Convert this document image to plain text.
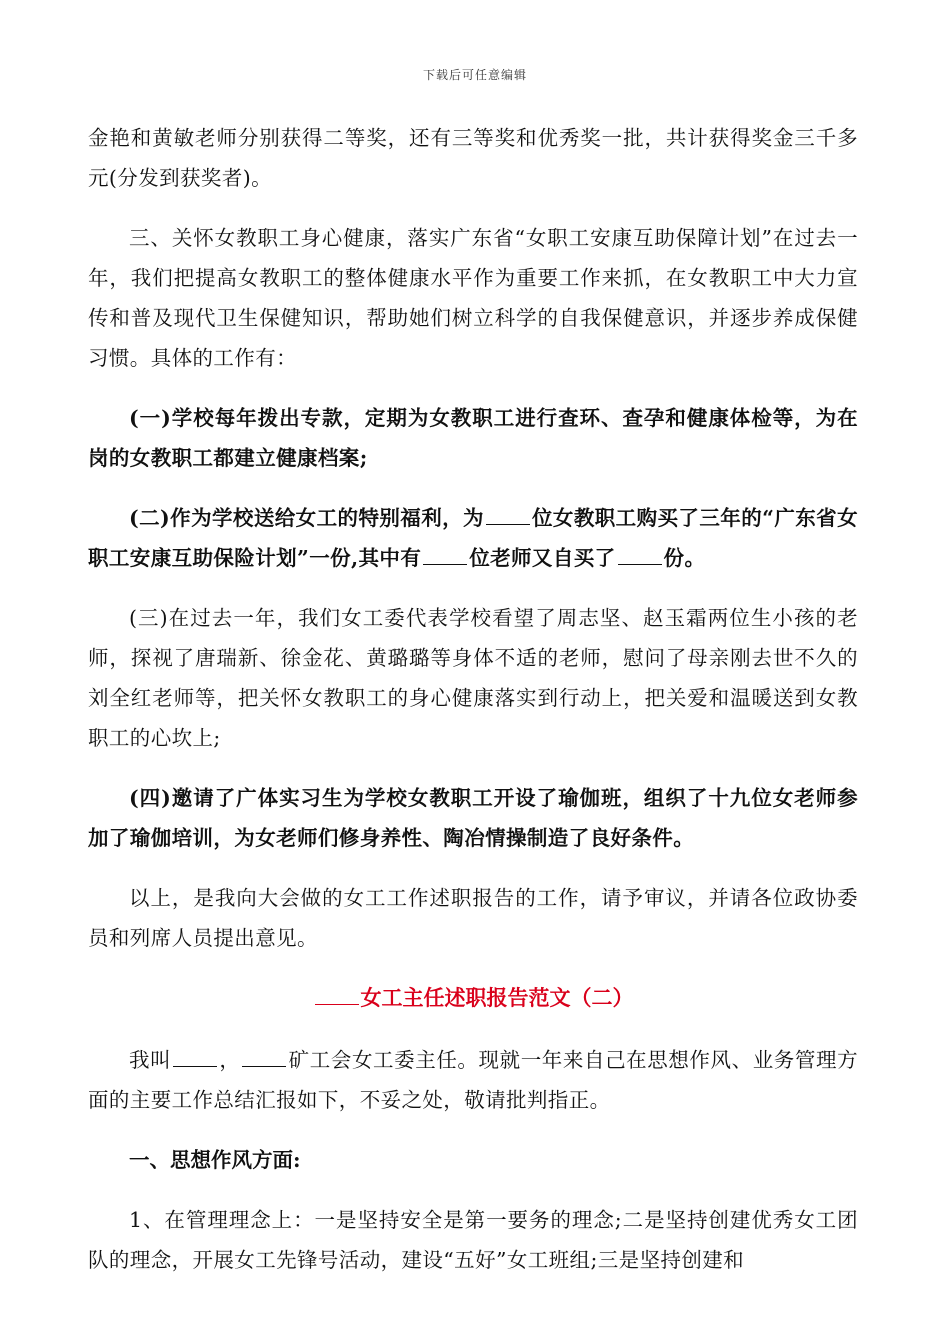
下载后可任意编辑

金艳和黄敏老师分别获得二等奖，还有三等奖和优秀奖一批，共计获得奖金三千多元(分发到获奖者)。

三、关怀女教职工身心健康，落实广东省“女职工安康互助保障计划”在过去一年，我们把提高女教职工的整体健康水平作为重要工作来抓，在女教职工中大力宣传和普及现代卫生保健知识，帮助她们树立科学的自我保健意识，并逐步养成保健习惯。具体的工作有：

(一)学校每年拨出专款，定期为女教职工进行查环、查孕和健康体检等，为在岗的女教职工都建立健康档案;

(二)作为学校送给女工的特别福利，为 位女教职工购买了三年的“广东省女职工安康互助保险计划”一份,其中有 位老师又自买了 份。

(三)在过去一年，我们女工委代表学校看望了周志坚、赵玉霜两位生小孩的老师，探视了唐瑞新、徐金花、黄璐璐等身体不适的老师，慰问了母亲刚去世不久的刘全红老师等，把关怀女教职工的身心健康落实到行动上，把关爱和温暖送到女教职工的心坎上;

(四)邀请了广体实习生为学校女教职工开设了瑜伽班，组织了十九位女老师参加了瑜伽培训，为女老师们修身养性、陶冶情操制造了良好条件。

以上，是我向大会做的女工工作述职报告的工作，请予审议，并请各位政协委员和列席人员提出意见。

女工主任述职报告范文（二）

我叫 ， 矿工会女工委主任。现就一年来自己在思想作风、业务管理方面的主要工作总结汇报如下，不妥之处，敬请批判指正。

一、思想作风方面:

1、在管理理念上：一是坚持安全是第一要务的理念;二是坚持创建优秀女工团队的理念，开展女工先锋号活动，建设“五好”女工班组;三是坚持创建和
